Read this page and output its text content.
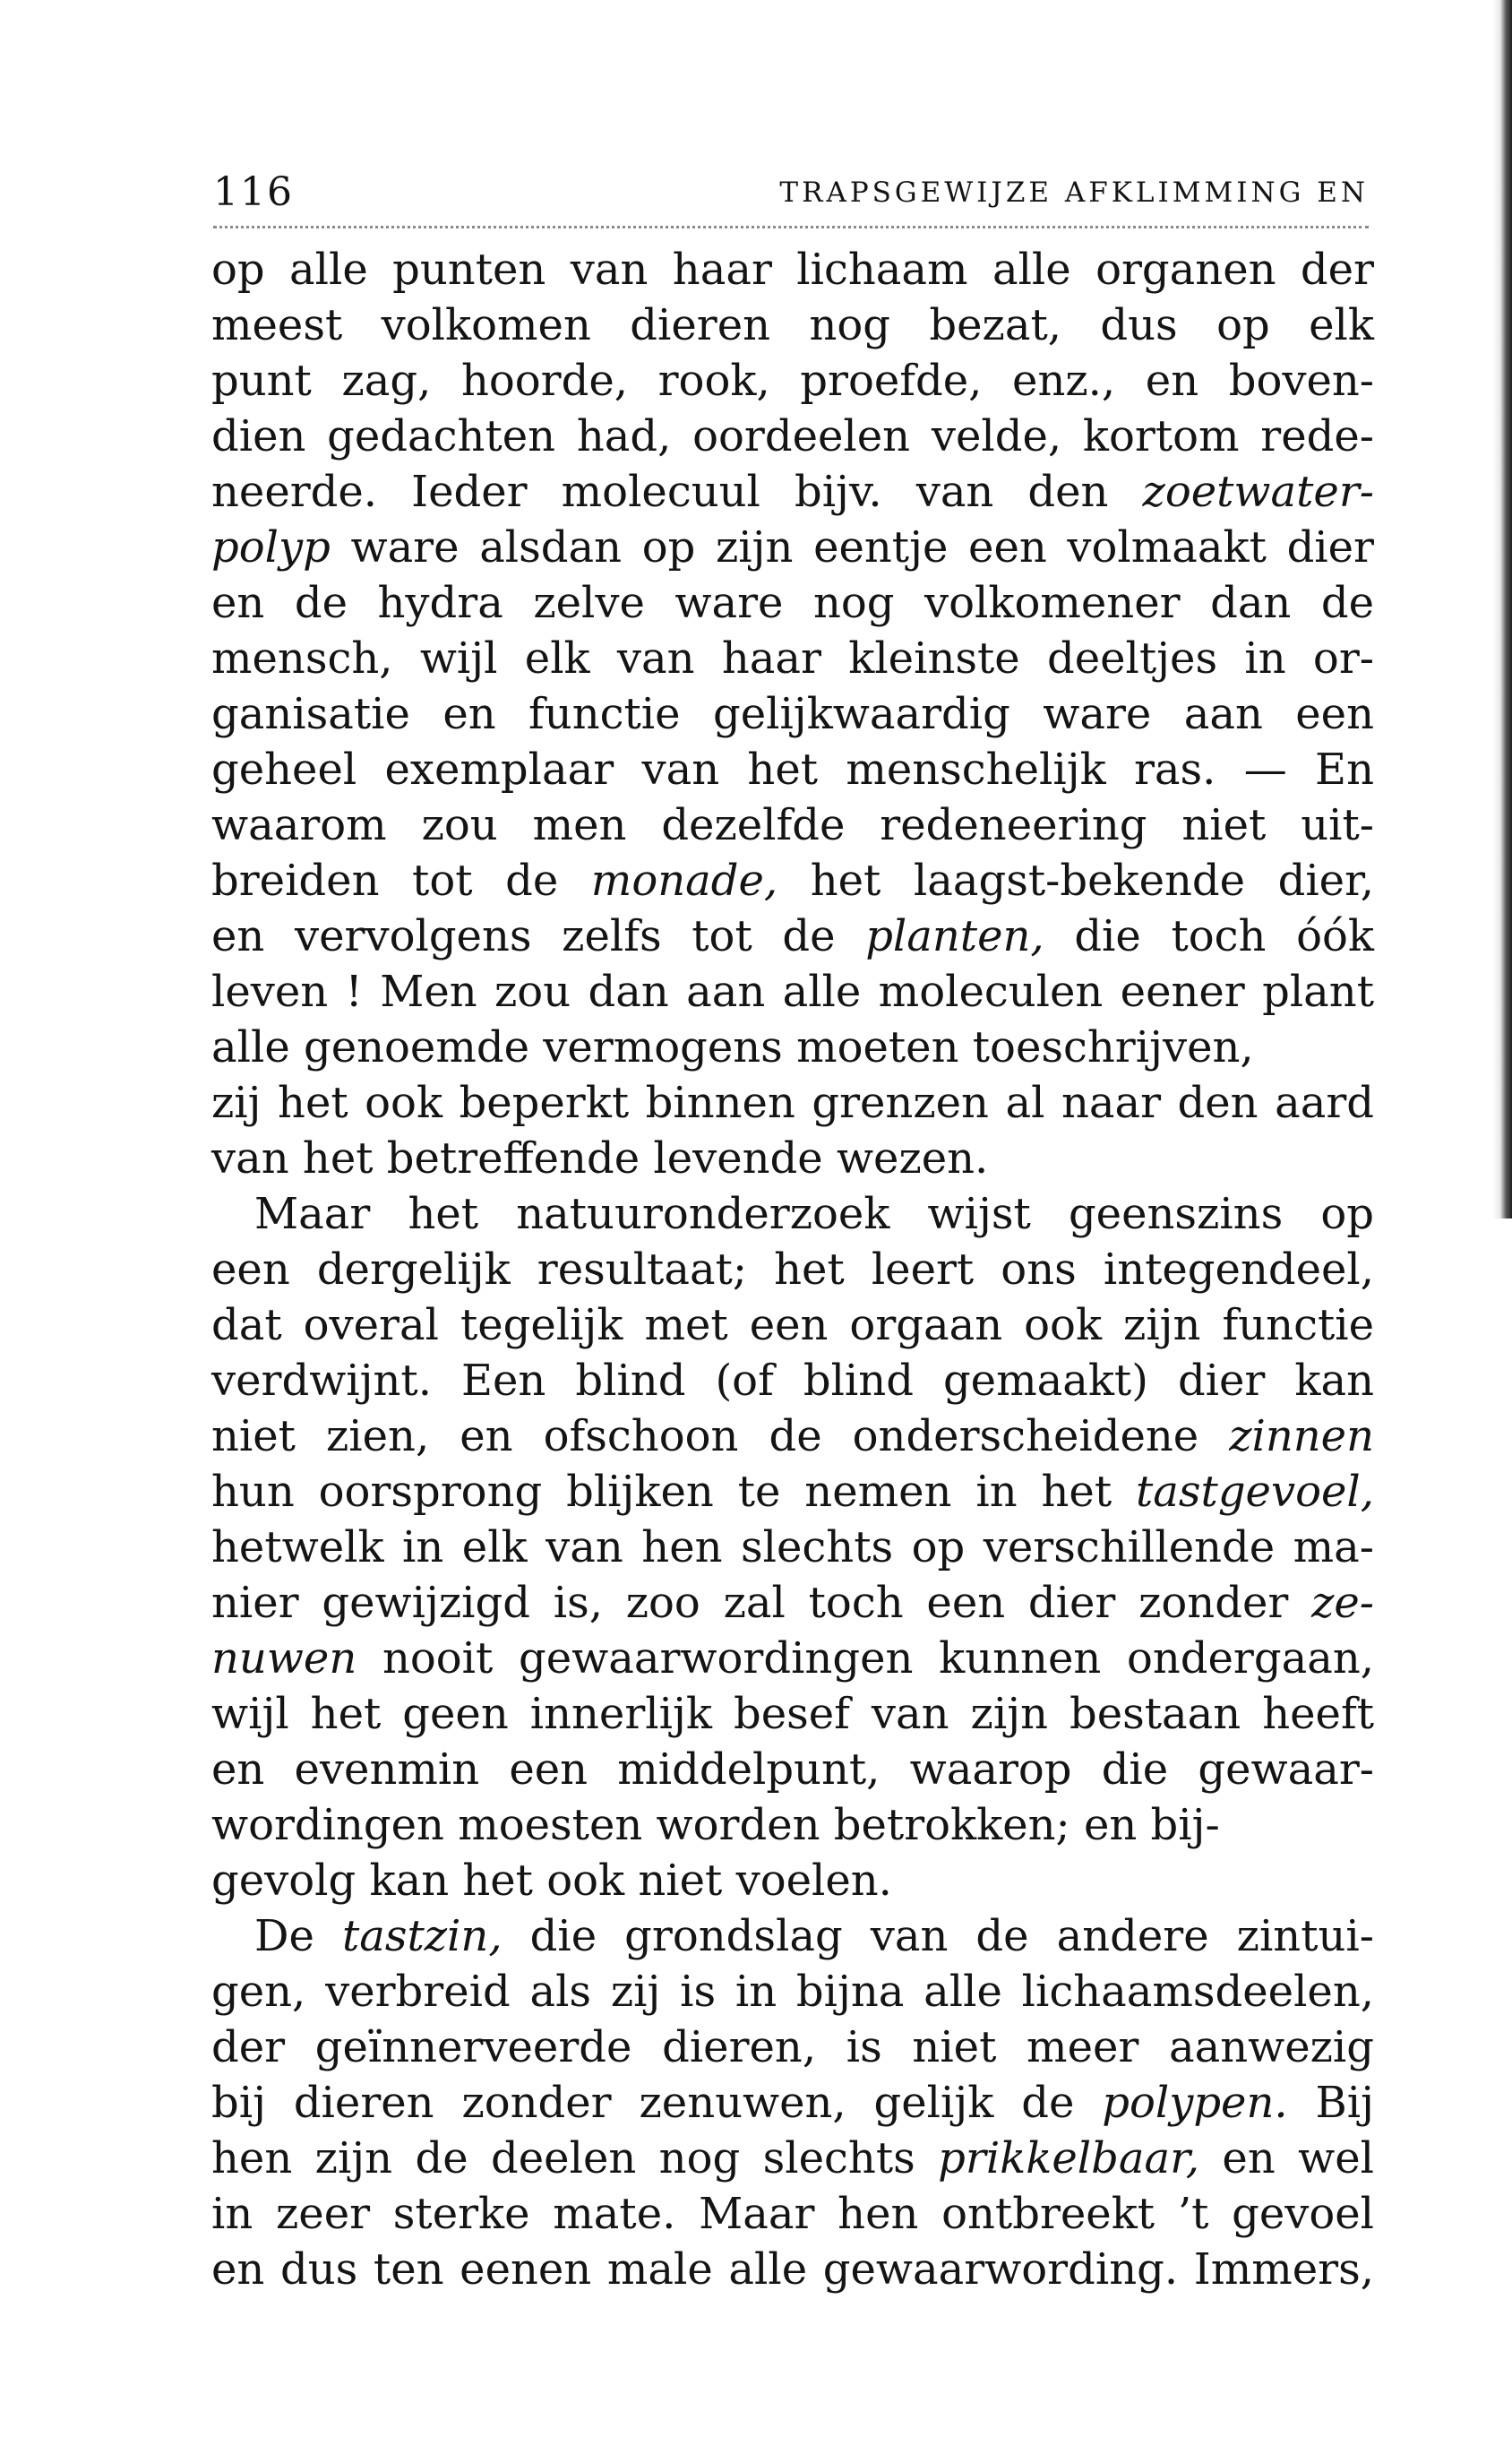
116	TRAPSGEWIJZE AFKLIMMING EN
op alle punten van haar lichaam alle organen der
meest volkomen dieren nog bezat, dus op elk
punt zag, hoorde, rook, proefde, enz., en boven-
dien gedachten had, oordeelen velde, kortom rede-
neerde. Ieder molecuul bijv. van den zoetwater-
polyp ware alsdan op zijn eentje een volmaakt dier
en de hydra zelve ware nog volkomener dan de
mensch, wijl elk van haar kleinste deeltjes in or-
ganisatie en functie gelijkwaardig ware aan een
geheel exemplaar van het menschelijk ras. — En
waarom zou men dezelfde redeneering niet uit-
breiden tot de monade, het laagst-bekende dier,
en vervolgens zelfs tot de planten, die toch óók
leven ! Men zou dan aan alle moleculen eener plant
alle genoemde vermogens moeten toeschrijven,
zij het ook beperkt binnen grenzen al naar den aard
van het betreffende levende wezen.
Maar het natuuronderzoek wijst geenszins op
een dergelijk resultaat; het leert ons integendeel,
dat overal tegelijk met een orgaan ook zijn functie
verdwijnt. Een blind (of blind gemaakt) dier kan
niet zien, en ofschoon de onderscheidene zinnen
hun oorsprong blijken te nemen in het tastgevoel,
hetwelk in elk van hen slechts op verschillende ma-
nier gewijzigd is, zoo zal toch een dier zonder ze-
nuwen nooit gewaarwordingen kunnen ondergaan,
wijl het geen innerlijk besef van zijn bestaan heeft
en evenmin een middelpunt, waarop die gewaar-
wordingen moesten worden betrokken; en bij-
gevolg kan het ook niet voelen.
De tastzin, die grondslag van de andere zintui-
gen, verbreid als zij is in bijna alle lichaamsdeelen,
der geïnnerveerde dieren, is niet meer aanwezig
bij dieren zonder zenuwen, gelijk de polypen. Bij
hen zijn de deelen nog slechts prikkelbaar, en wel
in zeer sterke mate. Maar hen ontbreekt ’t gevoel
en dus ten eenen male alle gewaarwording. Immers,
